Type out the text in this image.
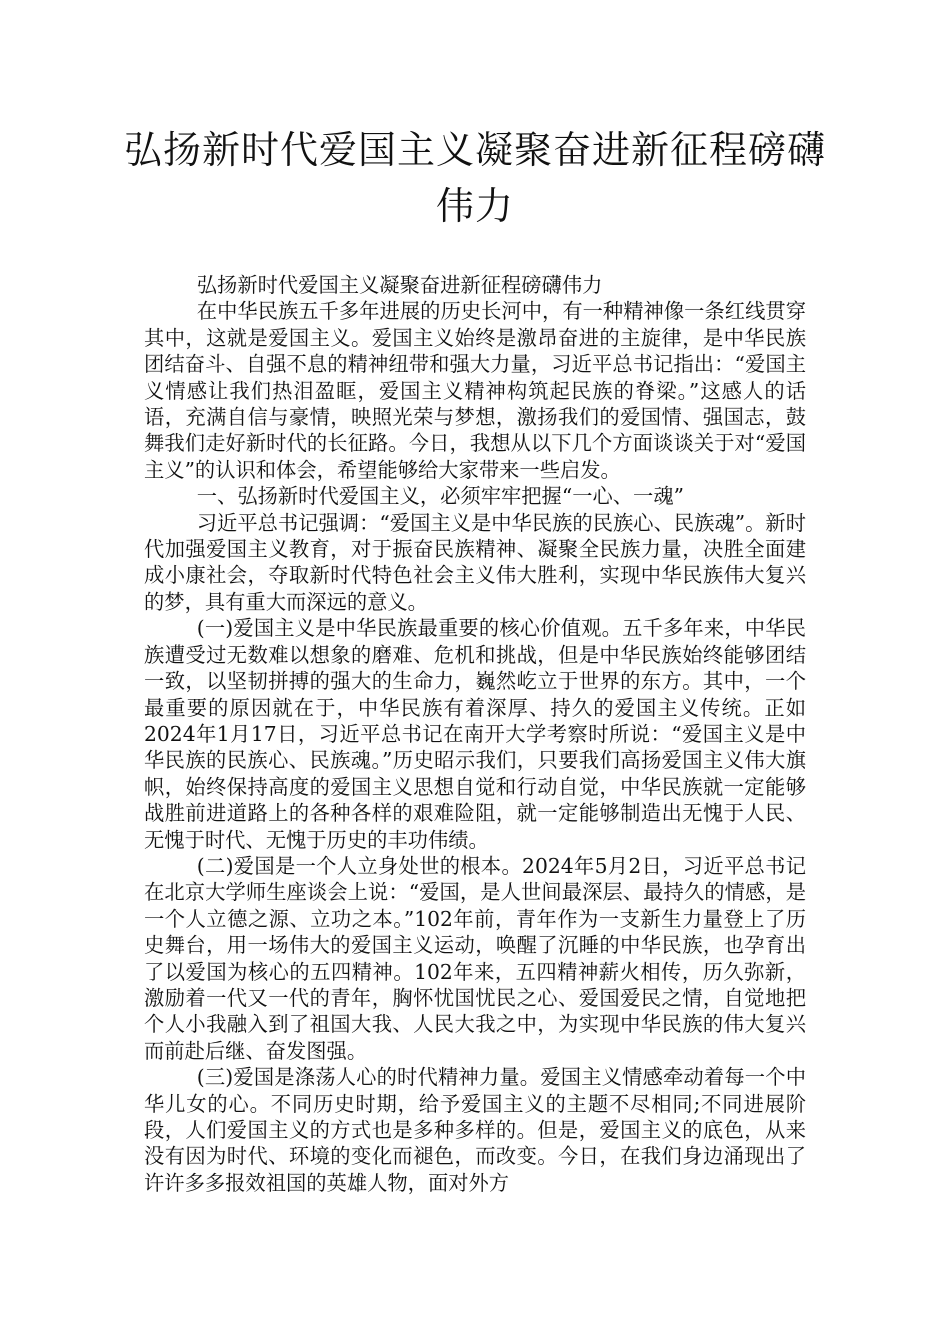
弘扬新时代爱国主义凝聚奋进新征程磅礴
伟力

弘扬新时代爱国主义凝聚奋进新征程磅礴伟力

在中华民族五千多年进展的历史长河中，有一种精神像一条红线贯穿其中，这就是爱国主义。爱国主义始终是激昂奋进的主旋律，是中华民族团结奋斗、自强不息的精神纽带和强大力量，习近平总书记指出：“爱国主义情感让我们热泪盈眶，爱国主义精神构筑起民族的脊梁。”这感人的话语，充满自信与豪情，映照光荣与梦想，激扬我们的爱国情、强国志，鼓舞我们走好新时代的长征路。今日，我想从以下几个方面谈谈关于对“爱国主义”的认识和体会，希望能够给大家带来一些启发。

一、弘扬新时代爱国主义，必须牢牢把握“一心、一魂”

习近平总书记强调：“爱国主义是中华民族的民族心、民族魂”。新时代加强爱国主义教育，对于振奋民族精神、凝聚全民族力量，决胜全面建成小康社会，夺取新时代特色社会主义伟大胜利，实现中华民族伟大复兴的梦，具有重大而深远的意义。

(一)爱国主义是中华民族最重要的核心价值观。五千多年来，中华民族遭受过无数难以想象的磨难、危机和挑战，但是中华民族始终能够团结一致，以坚韧拼搏的强大的生命力，巍然屹立于世界的东方。其中，一个最重要的原因就在于，中华民族有着深厚、持久的爱国主义传统。正如2024年1月17日，习近平总书记在南开大学考察时所说：“爱国主义是中华民族的民族心、民族魂。”历史昭示我们，只要我们高扬爱国主义伟大旗帜，始终保持高度的爱国主义思想自觉和行动自觉，中华民族就一定能够战胜前进道路上的各种各样的艰难险阻，就一定能够制造出无愧于人民、无愧于时代、无愧于历史的丰功伟绩。

(二)爱国是一个人立身处世的根本。2024年5月2日，习近平总书记在北京大学师生座谈会上说：“爱国，是人世间最深层、最持久的情感，是一个人立德之源、立功之本。”102年前，青年作为一支新生力量登上了历史舞台，用一场伟大的爱国主义运动，唤醒了沉睡的中华民族，也孕育出了以爱国为核心的五四精神。102年来，五四精神薪火相传，历久弥新，激励着一代又一代的青年，胸怀忧国忧民之心、爱国爱民之情，自觉地把个人小我融入到了祖国大我、人民大我之中，为实现中华民族的伟大复兴而前赴后继、奋发图强。

(三)爱国是涤荡人心的时代精神力量。爱国主义情感牵动着每一个中华儿女的心。不同历史时期，给予爱国主义的主题不尽相同;不同进展阶段，人们爱国主义的方式也是多种多样的。但是，爱国主义的底色，从来没有因为时代、环境的变化而褪色，而改变。今日，在我们身边涌现出了许许多多报效祖国的英雄人物，面对外方
